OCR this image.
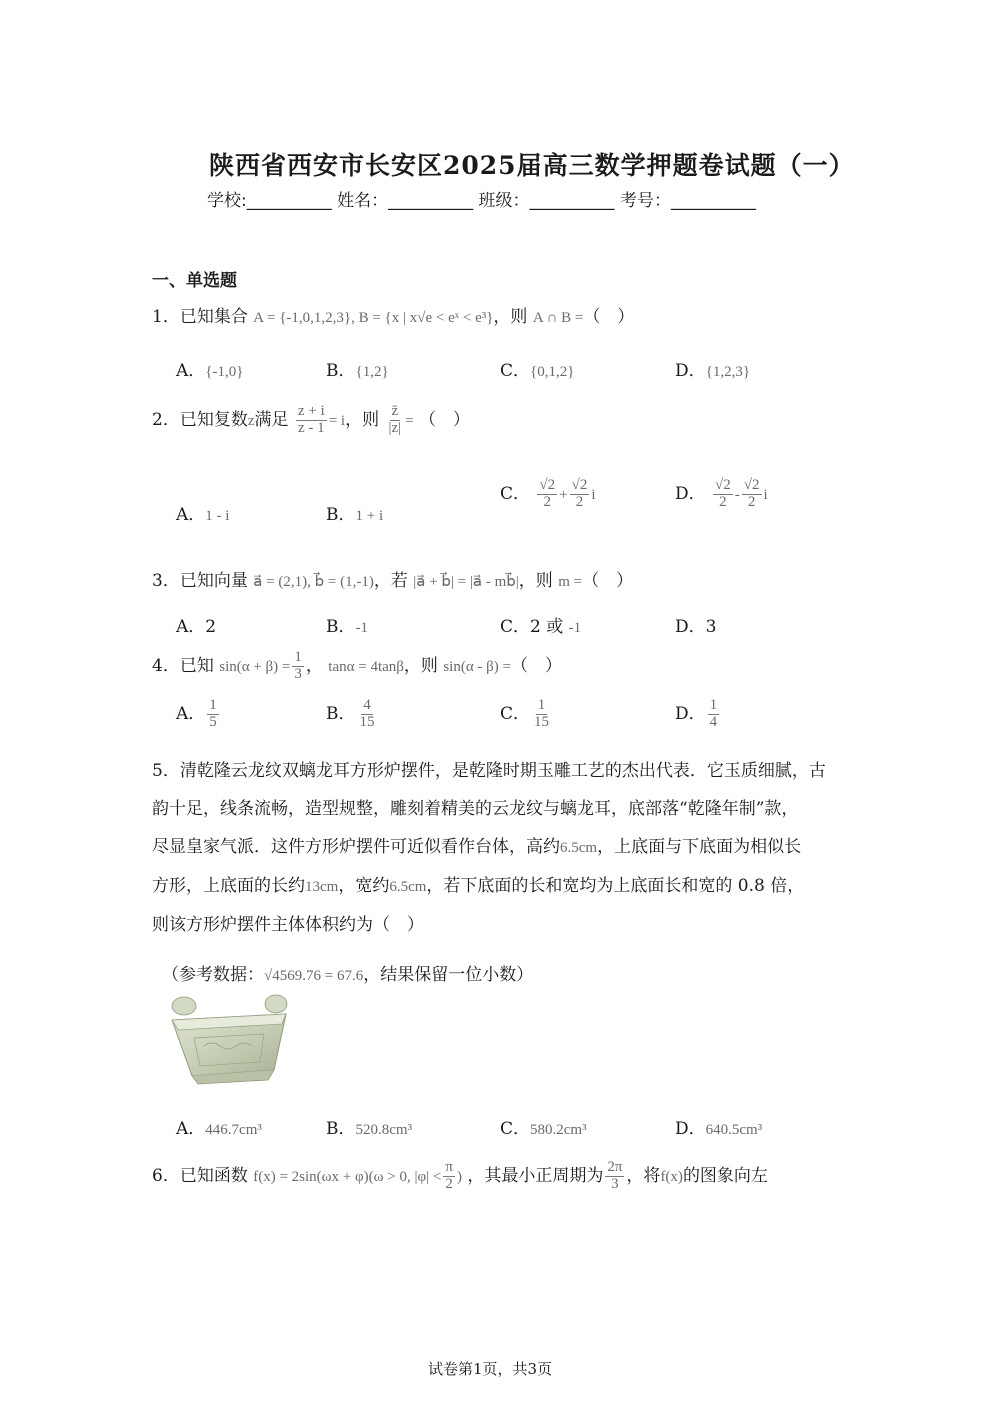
陕西省西安市长安区2025届高三数学押题卷试题（一）
学校:__________ 姓名：__________ 班级：__________ 考号：__________
一、单选题
1．已知集合 A = {-1,0,1,2,3}, B = {x | x√e < eˣ < e³}，则 A ∩ B =（　）
A．{-1,0}	B．{1,2}	C．{0,1,2}	D．{1,2,3}
2．已知复数z满足 $\frac{z + i}{z - 1} = i$，则 $\frac{z̄}{|z|}$ = （　）
A．1 - i	B．1 + i
C． $\frac{√2}{2} + \frac{√2}{2}$ i	D． $\frac{√2}{2} - \frac{√2}{2}$ i
3．已知向量 a⃗ = (2,1), b⃗ = (1,-1)，若 |a⃗ + b⃗| = |a⃗ - mb⃗|，则 m =（　）
A．2	B．-1	C．2 或 -1	D．3
4．已知 $\sin(\alpha + \beta) = \frac{1}{3}$ ， tanα = 4tanβ，则 sin(α - β) =（　）
A． $\frac{1}{5}$	B． $\frac{4}{15}$	C． $\frac{1}{15}$	D． $\frac{1}{4}$
5．清乾隆云龙纹双螭龙耳方形炉摆件，是乾隆时期玉雕工艺的杰出代表．它玉质细腻，古
韵十足，线条流畅，造型规整，雕刻着精美的云龙纹与螭龙耳，底部落“乾隆年制”款，
尽显皇家气派．这件方形炉摆件可近似看作台体，高约6.5cm，上底面与下底面为相似长
方形，上底面的长约13cm，宽约6.5cm，若下底面的长和宽均为上底面长和宽的 0.8 倍，
则该方形炉摆件主体体积约为（　）
（参考数据：√4569.76 = 67.6，结果保留一位小数）
A．446.7cm³	B．520.8cm³	C．580.2cm³	D．640.5cm³
6．已知函数 f(x) = 2sin(ωx + φ)(ω > 0, $|\varphi| < \frac{\pi}{2}$ ) ，其最小正周期为 $\frac{2\pi}{3}$ ，将f(x)的图象向左
试卷第1页，共3页
